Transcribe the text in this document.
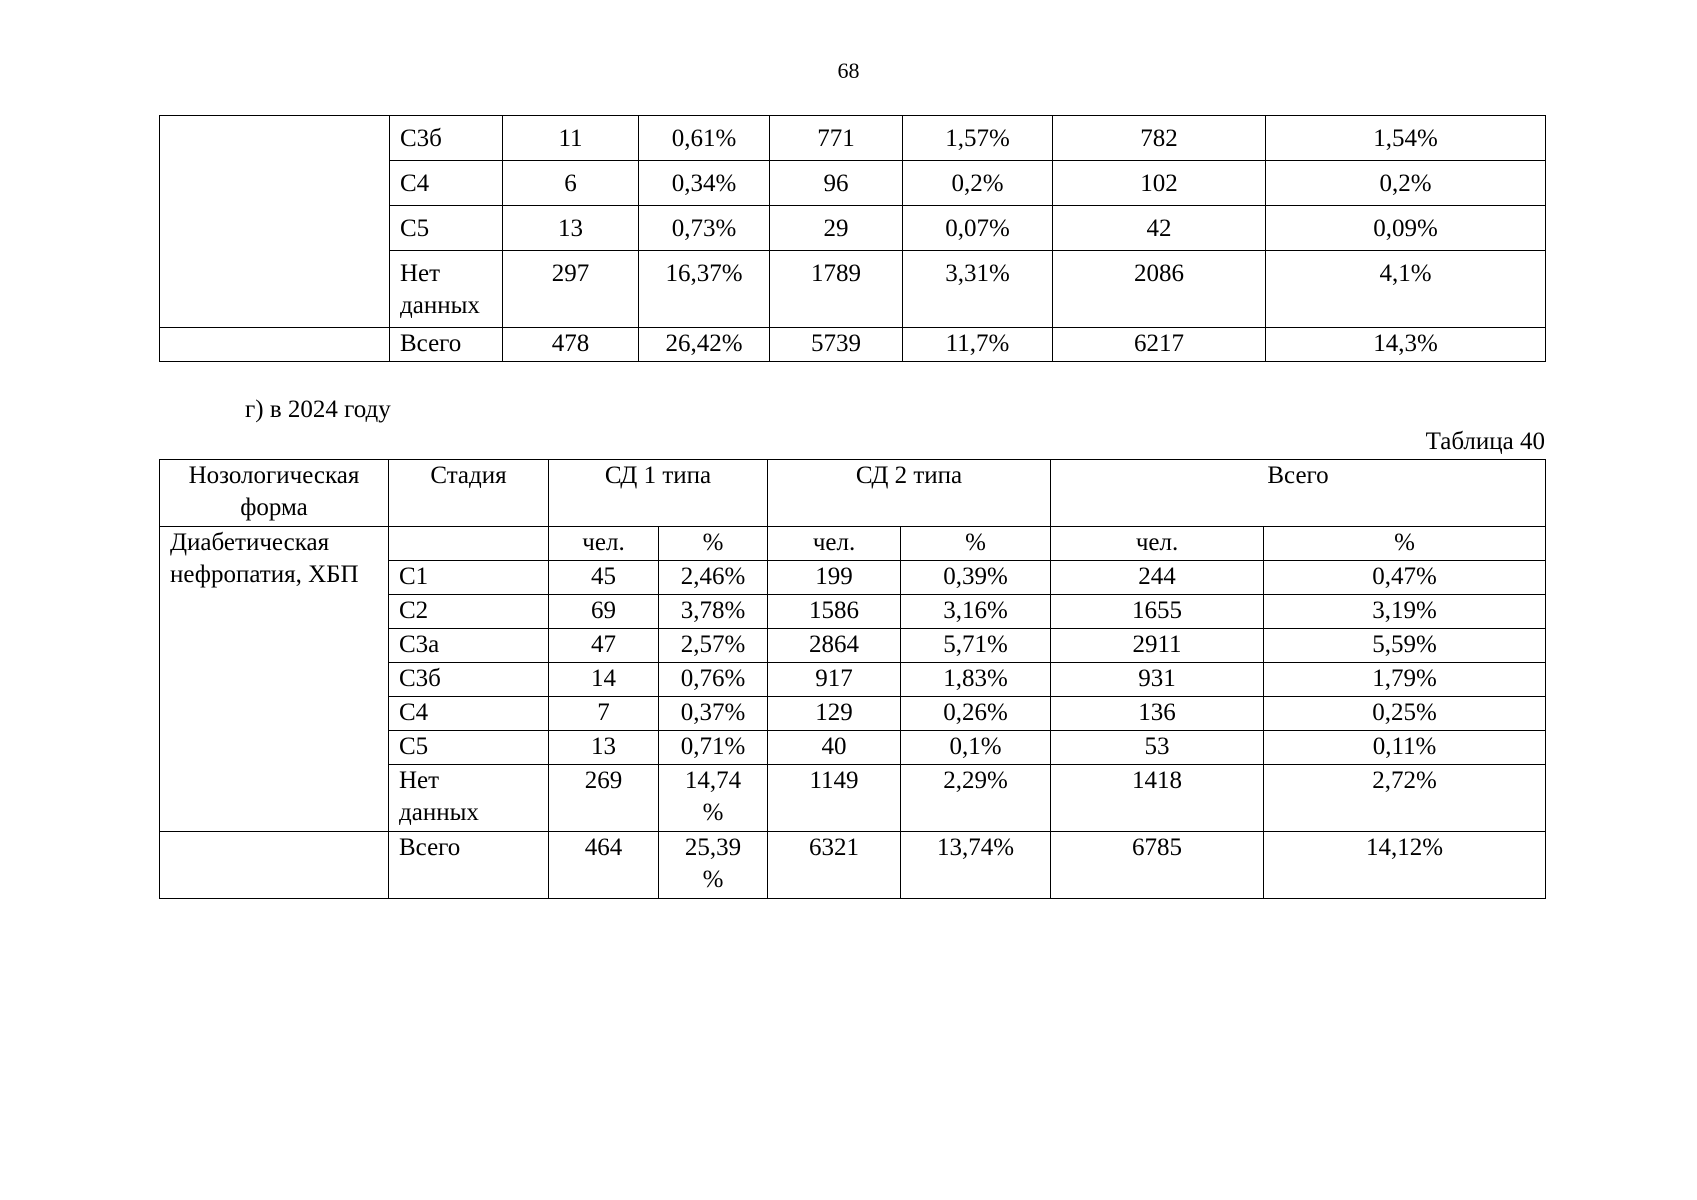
68
	С3б	11	0,61%	771	1,57%	782	1,54%
	С4	6	0,34%	96	0,2%	102	0,2%
	С5	13	0,73%	29	0,07%	42	0,09%
	Нет данных	297	16,37%	1789	3,31%	2086	4,1%
	Всего	478	26,42%	5739	11,7%	6217	14,3%
г) в 2024 году
Таблица 40
Нозологическая форма	Стадия	СД 1 типа		СД 2 типа		Всего	
Диабетическая нефропатия, ХБП		чел.	%	чел.	%	чел.	%
	С1	45	2,46%	199	0,39%	244	0,47%
	С2	69	3,78%	1586	3,16%	1655	3,19%
	С3а	47	2,57%	2864	5,71%	2911	5,59%
	С3б	14	0,76%	917	1,83%	931	1,79%
	С4	7	0,37%	129	0,26%	136	0,25%
	С5	13	0,71%	40	0,1%	53	0,11%
	Нет данных	269	14,74 %	1149	2,29%	1418	2,72%
	Всего	464	25,39 %	6321	13,74%	6785	14,12%
